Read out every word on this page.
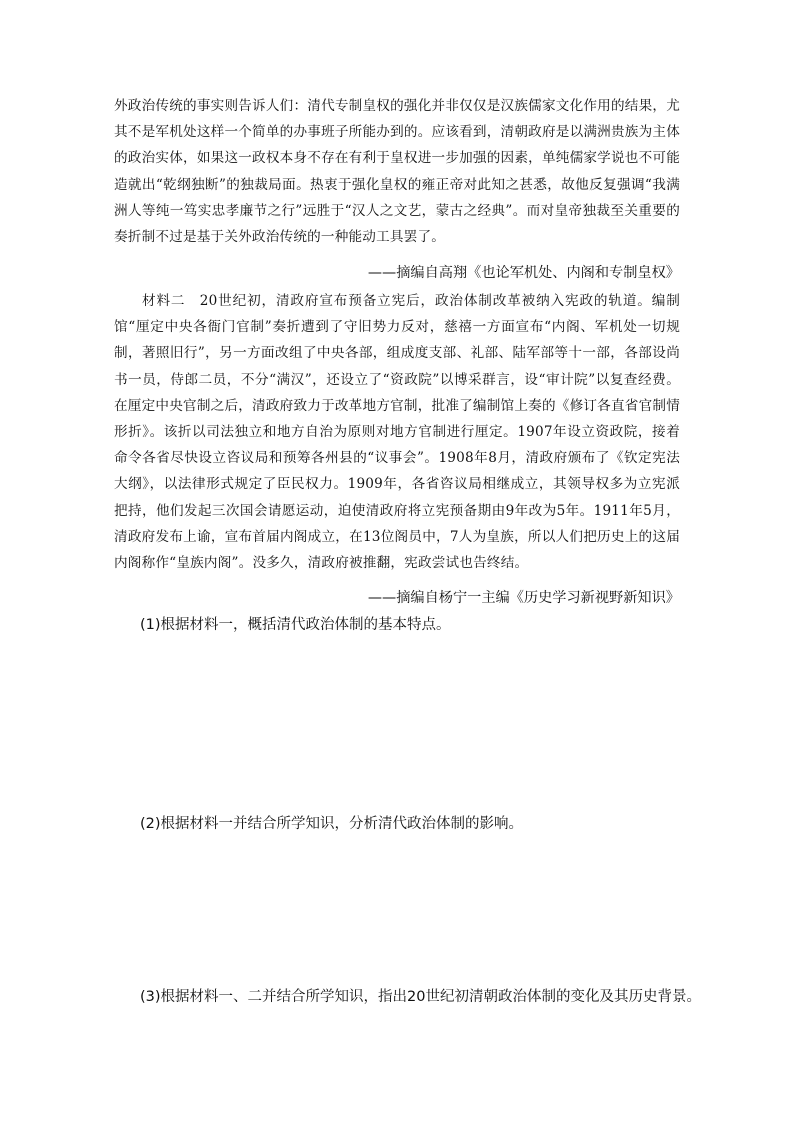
外政治传统的事实则告诉人们：清代专制皇权的强化并非仅仅是汉族儒家文化作用的结果，尤其不是军机处这样一个简单的办事班子所能办到的。应该看到，清朝政府是以满洲贵族为主体的政治实体，如果这一政权本身不存在有利于皇权进一步加强的因素，单纯儒家学说也不可能造就出“乾纲独断”的独裁局面。热衷于强化皇权的雍正帝对此知之甚悉，故他反复强调“我满洲人等纯一笃实忠孝廉节之行”远胜于“汉人之文艺，蒙古之经典”。而对皇帝独裁至关重要的奏折制不过是基于关外政治传统的一种能动工具罢了。

——摘编自高翔《也论军机处、内阁和专制皇权》

材料二　20世纪初，清政府宣布预备立宪后，政治体制改革被纳入宪政的轨道。编制馆“厘定中央各衙门官制”奏折遭到了守旧势力反对，慈禧一方面宣布“内阁、军机处一切规制，著照旧行”，另一方面改组了中央各部，组成度支部、礼部、陆军部等十一部，各部设尚书一员，侍郎二员，不分“满汉”，还设立了“资政院”以博采群言，设“审计院”以复查经费。在厘定中央官制之后，清政府致力于改革地方官制，批准了编制馆上奏的《修订各直省官制情形折》。该折以司法独立和地方自治为原则对地方官制进行厘定。1907年设立资政院，接着命令各省尽快设立咨议局和预筹各州县的“议事会”。1908年8月，清政府颁布了《钦定宪法大纲》，以法律形式规定了臣民权力。1909年，各省咨议局相继成立，其领导权多为立宪派把持，他们发起三次国会请愿运动，迫使清政府将立宪预备期由9年改为5年。1911年5月，清政府发布上谕，宣布首届内阁成立，在13位阁员中，7人为皇族，所以人们把历史上的这届内阁称作“皇族内阁”。没多久，清政府被推翻，宪政尝试也告终结。

——摘编自杨宁一主编《历史学习新视野新知识》
(1)根据材料一，概括清代政治体制的基本特点。
(2)根据材料一并结合所学知识，分析清代政治体制的影响。
(3)根据材料一、二并结合所学知识，指出20世纪初清朝政治体制的变化及其历史背景。
